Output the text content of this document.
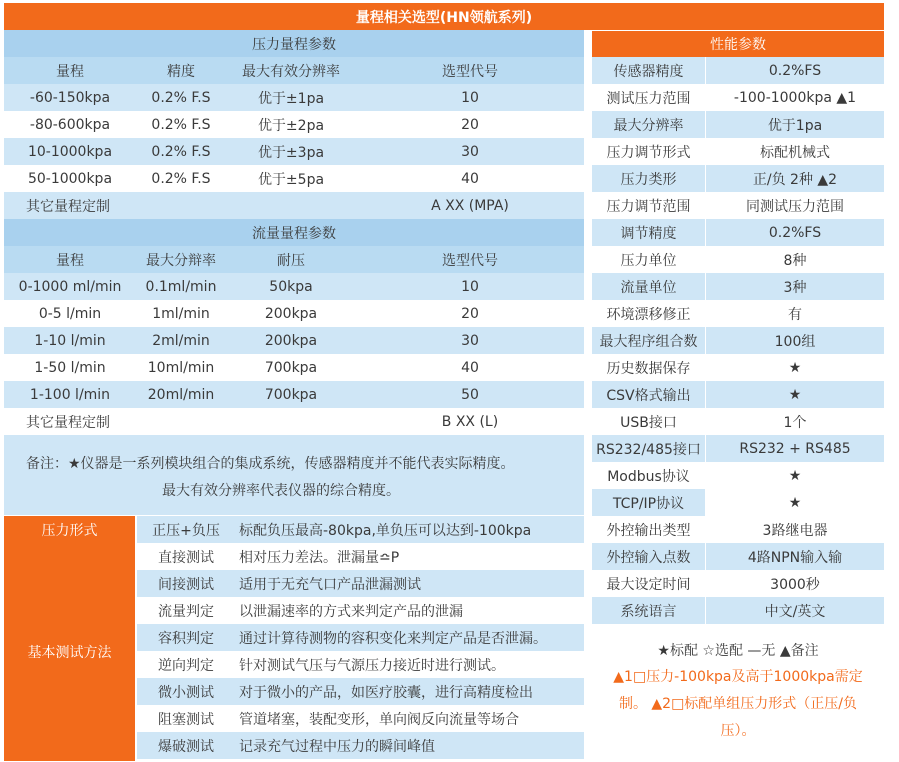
量程相关选型(HN领航系列)
压力量程参数
量程	精度	最大有效分辨率	选型代号
-60-150kpa	0.2% F.S	优于±1pa	10
-80-600kpa	0.2% F.S	优于±2pa	20
10-1000kpa	0.2% F.S	优于±3pa	30
50-1000kpa	0.2% F.S	优于±5pa	40
其它量程定制	A XX (MPA)
流量量程参数
量程	最大分辩率	耐压	选型代号
0-1000 ml/min	0.1ml/min	50kpa	10
0-5 l/min	1ml/min	200kpa	20
1-10 l/min	2ml/min	200kpa	30
1-50 l/min	10ml/min	700kpa	40
1-100 l/min	20ml/min	700kpa	50
其它量程定制	B XX (L)
备注：★仪器是一系列模块组合的集成系统，传感器精度并不能代表实际精度。
最大有效分辨率代表仪器的综合精度。
压力形式
基本测试方法
正压+负压	标配负压最高-80kpa,单负压可以达到-100kpa
直接测试	相对压力差法。泄漏量≏P
间接测试	适用于无充气口产品泄漏测试
流量判定	以泄漏速率的方式来判定产品的泄漏
容积判定	通过计算待测物的容积变化来判定产品是否泄漏。
逆向判定	针对测试气压与气源压力接近时进行测试。
微小测试	对于微小的产品，如医疗胶囊，进行高精度检出
阻塞测试	管道堵塞，装配变形，单向阀反向流量等场合
爆破测试	记录充气过程中压力的瞬间峰值
性能参数
传感器精度	0.2%FS
测试压力范围	-100-1000kpa ▲1
最大分辨率	优于1pa
压力调节形式	标配机械式
压力类形	正/负 2种 ▲2
压力调节范围	同测试压力范围
调节精度	0.2%FS
压力单位	8种
流量单位	3种
环境漂移修正	有
最大程序组合数	100组
历史数据保存	★
CSV格式输出	★
USB接口	1个
RS232/485接口	RS232 + RS485
Modbus协议	★
TCP/IP协议	★
外控输出类型	3路继电器
外控输入点数	4路NPN输入输
最大设定时间	3000秒
系统语言	中文/英文
★标配 ☆选配 —无 ▲备注
▲1□压力-100kpa及高于1000kpa需定
制。 ▲2□标配单组压力形式（正压/负
压）。
